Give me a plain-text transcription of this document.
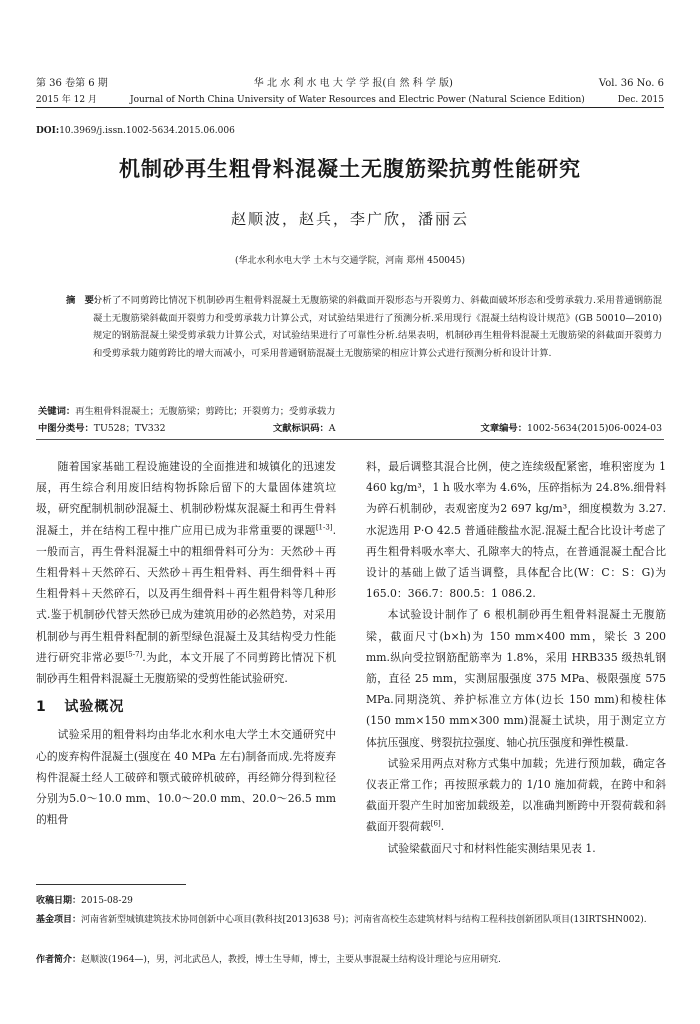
第 36 卷第 6 期	华 北 水 利 水 电 大 学 学 报(自 然 科 学 版)	Vol. 36 No. 6
2015 年 12 月	Journal of North China University of Water Resources and Electric Power (Natural Science Edition)	Dec. 2015
DOI:10.3969/j.issn.1002-5634.2015.06.006
机制砂再生粗骨料混凝土无腹筋梁抗剪性能研究
赵顺波，赵兵，李广欣，潘丽云
(华北水利水电大学 土木与交通学院，河南 郑州 450045)
摘　要：
分析了不同剪跨比情况下机制砂再生粗骨料混凝土无腹筋梁的斜截面开裂形态与开裂剪力、斜截面破坏形态和受剪承载力.采用普通钢筋混凝土无腹筋梁斜截面开裂剪力和受剪承载力计算公式，对试验结果进行了预测分析.采用现行《混凝土结构设计规范》(GB 50010—2010)规定的钢筋混凝土梁受剪承载力计算公式，对试验结果进行了可靠性分析.结果表明，机制砂再生粗骨料混凝土无腹筋梁的斜截面开裂剪力和受剪承载力随剪跨比的增大而减小，可采用普通钢筋混凝土无腹筋梁的相应计算公式进行预测分析和设计计算.
关键词：再生粗骨料混凝土；无腹筋梁；剪跨比；开裂剪力；受剪承载力
中图分类号：TU528；TV332	文献标识码：A	文章编号：1002-5634(2015)06-0024-03

随着国家基础工程设施建设的全面推进和城镇化的迅速发展，再生综合利用废旧结构物拆除后留下的大量固体建筑垃圾，研究配制机制砂混凝土、机制砂粉煤灰混凝土和再生骨料混凝土，并在结构工程中推广应用已成为非常重要的课题[1-3].一般而言，再生骨料混凝土中的粗细骨料可分为：天然砂＋再生粗骨料＋天然碎石、天然砂＋再生粗骨料、再生细骨料＋再生粗骨料＋天然碎石，以及再生细骨料＋再生粗骨料等几种形式.鉴于机制砂代替天然砂已成为建筑用砂的必然趋势，对采用机制砂与再生粗骨料配制的新型绿色混凝土及其结构受力性能进行研究非常必要[5-7].为此，本文开展了不同剪跨比情况下机制砂再生粗骨料混凝土无腹筋梁的受剪性能试验研究.

1 试验概况

试验采用的粗骨料均由华北水利水电大学土木交通研究中心的废弃构件混凝土(强度在 40 MPa 左右)制备而成.先将废弃构件混凝土经人工破碎和颚式破碎机破碎，再经筛分得到粒径分别为5.0～10.0 mm、10.0～20.0 mm、20.0～26.5 mm 的粗骨

料，最后调整其混合比例，使之连续级配紧密，堆积密度为 1 460 kg/m³，1 h 吸水率为 4.6%，压碎指标为 24.8%.细骨料为碎石机制砂，表观密度为2 697 kg/m³，细度模数为 3.27.水泥选用 P·O 42.5 普通硅酸盐水泥.混凝土配合比设计考虑了再生粗骨料吸水率大、孔隙率大的特点，在普通混凝土配合比设计的基础上做了适当调整，具体配合比(W：C：S：G)为 165.0：366.7：800.5：1 086.2.

本试验设计制作了 6 根机制砂再生粗骨料混凝土无腹筋梁，截面尺寸(b×h)为 150 mm×400 mm，梁长 3 200 mm.纵向受拉钢筋配筋率为 1.8%，采用 HRB335 级热轧钢筋，直径 25 mm，实测屈服强度 375 MPa、极限强度 575 MPa.同期浇筑、养护标准立方体(边长 150 mm)和棱柱体(150 mm×150 mm×300 mm)混凝土试块，用于测定立方体抗压强度、劈裂抗拉强度、轴心抗压强度和弹性模量.

试验采用两点对称方式集中加载；先进行预加载，确定各仪表正常工作；再按照承载力的 1/10 施加荷载，在跨中和斜截面开裂产生时加密加载级差，以准确判断跨中开裂荷载和斜截面开裂荷载[6].

试验梁截面尺寸和材料性能实测结果见表 1.

收稿日期：2015-08-29
基金项目：河南省新型城镇建筑技术协同创新中心项目(教科技[2013]638 号)；河南省高校生态建筑材料与结构工程科技创新团队项目(13IRTSHN002).
作者简介：赵顺波(1964—)，男，河北武邑人，教授，博士生导师，博士，主要从事混凝土结构设计理论与应用研究.
